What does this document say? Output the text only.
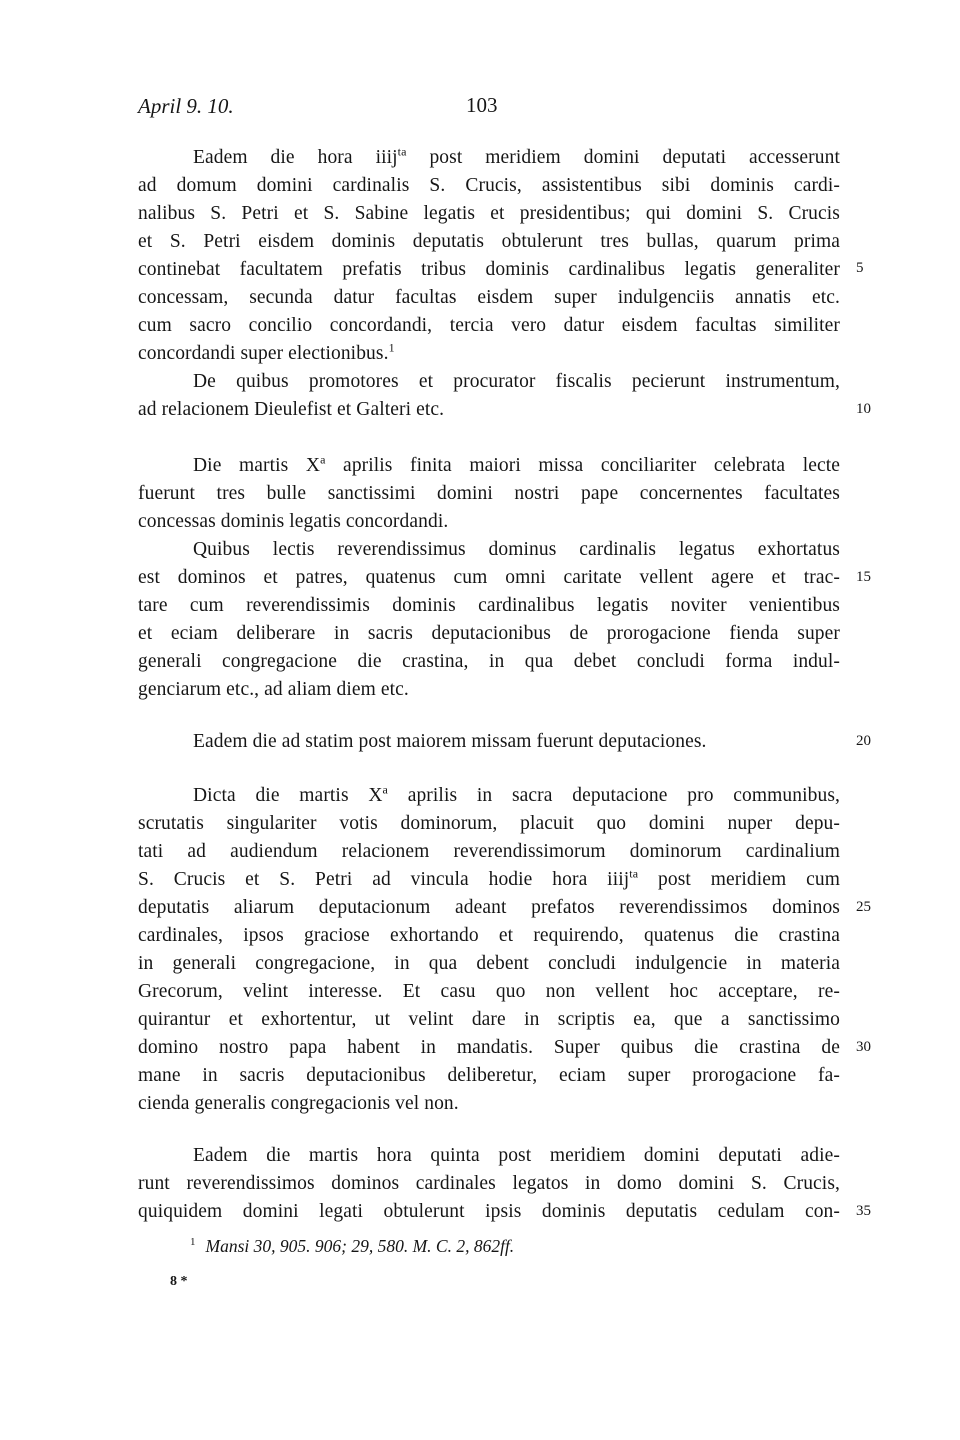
April 9. 10.	103
Eadem die hora iiij$^{ta}$ post meridiem domini deputati accesserunt
ad domum domini cardinalis S. Crucis, assistentibus sibi dominis cardi-
nalibus S. Petri et S. Sabine legatis et presidentibus; qui domini S. Crucis
et S. Petri eisdem dominis deputatis obtulerunt tres bullas, quarum prima
continebat facultatem prefatis tribus dominis cardinalibus legatis generaliter
concessam, secunda datur facultas eisdem super indulgenciis annatis etc.
cum sacro concilio concordandi, tercia vero datur eisdem facultas similiter
concordandi super electionibus.$^1$
De quibus promotores et procurator fiscalis pecierunt instrumentum,
ad relacionem Dieulefist et Galteri etc.
Die martis $X^a$ aprilis finita maiori missa conciliariter celebrata lecte
fuerunt tres bulle sanctissimi domini nostri pape concernentes facultates
concessas dominis legatis concordandi.
Quibus lectis reverendissimus dominus cardinalis legatus exhortatus
est dominos et patres, quatenus cum omni caritate vellent agere et trac-
tare cum reverendissimis dominis cardinalibus legatis noviter venientibus
et eciam deliberare in sacris deputacionibus de prorogacione fienda super
generali congregacione die crastina, in qua debet concludi forma indul-
genciarum etc., ad aliam diem etc.
Eadem die ad statim post maiorem missam fuerunt deputaciones.
Dicta die martis $X^a$ aprilis in sacra deputacione pro communibus,
scrutatis singulariter votis dominorum, placuit quo domini nuper depu-
tati ad audiendum relacionem reverendissimorum dominorum cardinalium
S. Crucis et S. Petri ad vincula hodie hora iiij$^{ta}$ post meridiem cum
deputatis aliarum deputacionum adeant prefatos reverendissimos dominos
cardinales, ipsos graciose exhortando et requirendo, quatenus die crastina
in generali congregacione, in qua debent concludi indulgencie in materia
Grecorum, velint interesse. Et casu quo non vellent hoc acceptare, re-
quirantur et exhortentur, ut velint dare in scriptis ea, que a sanctissimo
domino nostro papa habent in mandatis. Super quibus die crastina de
mane in sacris deputacionibus deliberetur, eciam super prorogacione fa-
cienda generalis congregacionis vel non.
Eadem die martis hora quinta post meridiem domini deputati adie-
runt reverendissimos dominos cardinales legatos in domo domini S. Crucis,
quiquidem domini legati obtulerunt ipsis dominis deputatis cedulam con-
5
10
15
20
25
30
35
$^1$ Mansi 30, 905. 906; 29, 580. M. C. 2, 862ff.
8 *
